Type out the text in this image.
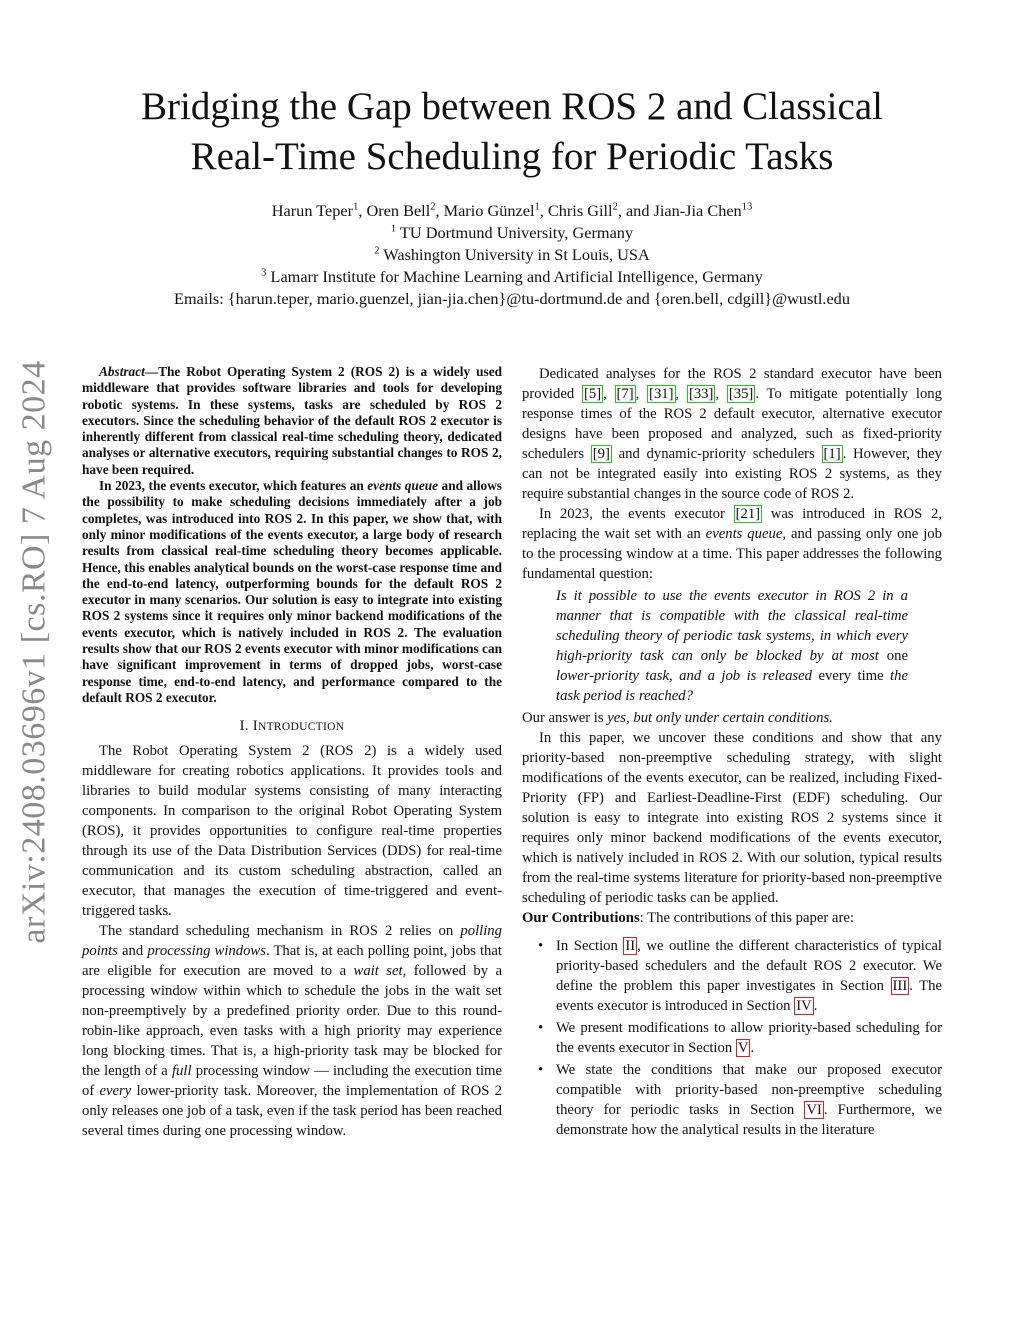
arXiv:2408.03696v1 [cs.RO] 7 Aug 2024
Bridging the Gap between ROS 2 and Classical
Real-Time Scheduling for Periodic Tasks
Harun Teper$^1$, Oren Bell$^2$, Mario Günzel$^1$, Chris Gill$^2$, and Jian-Jia Chen$^{13}$
$^1$ TU Dortmund University, Germany
$^2$ Washington University in St Louis, USA
$^3$ Lamarr Institute for Machine Learning and Artificial Intelligence, Germany
Emails: {harun.teper, mario.guenzel, jian-jia.chen}@tu-dortmund.de and {oren.bell, cdgill}@wustl.edu

Abstract—The Robot Operating System 2 (ROS 2) is a widely used middleware that provides software libraries and tools for developing robotic systems. In these systems, tasks are scheduled by ROS 2 executors. Since the scheduling behavior of the default ROS 2 executor is inherently different from classical real-time scheduling theory, dedicated analyses or alternative executors, requiring substantial changes to ROS 2, have been required.

In 2023, the events executor, which features an events queue and allows the possibility to make scheduling decisions immediately after a job completes, was introduced into ROS 2. In this paper, we show that, with only minor modifications of the events executor, a large body of research results from classical real-time scheduling theory becomes applicable. Hence, this enables analytical bounds on the worst-case response time and the end-to-end latency, outperforming bounds for the default ROS 2 executor in many scenarios. Our solution is easy to integrate into existing ROS 2 systems since it requires only minor backend modifications of the events executor, which is natively included in ROS 2. The evaluation results show that our ROS 2 events executor with minor modifications can have significant improvement in terms of dropped jobs, worst-case response time, end-to-end latency, and performance compared to the default ROS 2 executor.

I. INTRODUCTION

The Robot Operating System 2 (ROS 2) is a widely used middleware for creating robotics applications. It provides tools and libraries to build modular systems consisting of many interacting components. In comparison to the original Robot Operating System (ROS), it provides opportunities to configure real-time properties through its use of the Data Distribution Services (DDS) for real-time communication and its custom scheduling abstraction, called an executor, that manages the execution of time-triggered and event-triggered tasks.

The standard scheduling mechanism in ROS 2 relies on polling points and processing windows. That is, at each polling point, jobs that are eligible for execution are moved to a wait set, followed by a processing window within which to schedule the jobs in the wait set non-preemptively by a predefined priority order. Due to this round-robin-like approach, even tasks with a high priority may experience long blocking times. That is, a high-priority task may be blocked for the length of a full processing window — including the execution time of every lower-priority task. Moreover, the implementation of ROS 2 only releases one job of a task, even if the task period has been reached several times during one processing window.

Dedicated analyses for the ROS 2 standard executor have been provided [5] , [7] , [31] , [33] , [35] . To mitigate potentially long response times of the ROS 2 default executor, alternative executor designs have been proposed and analyzed, such as fixed-priority schedulers [9] and dynamic-priority schedulers [1] . However, they can not be integrated easily into existing ROS 2 systems, as they require substantial changes in the source code of ROS 2.

In 2023, the events executor [21] was introduced in ROS 2, replacing the wait set with an events queue, and passing only one job to the processing window at a time. This paper addresses the following fundamental question:

Is it possible to use the events executor in ROS 2 in a manner that is compatible with the classical real-time scheduling theory of periodic task systems, in which every high-priority task can only be blocked by at most one lower-priority task, and a job is released every time the task period is reached?

Our answer is yes, but only under certain conditions.

In this paper, we uncover these conditions and show that any priority-based non-preemptive scheduling strategy, with slight modifications of the events executor, can be realized, including Fixed-Priority (FP) and Earliest-Deadline-First (EDF) scheduling. Our solution is easy to integrate into existing ROS 2 systems since it requires only minor backend modifications of the events executor, which is natively included in ROS 2. With our solution, typical results from the real-time systems literature for priority-based non-preemptive scheduling of periodic tasks can be applied.

Our Contributions: The contributions of this paper are:

• In Section II , we outline the different characteristics of typical priority-based schedulers and the default ROS 2 executor. We define the problem this paper investigates in Section III . The events executor is introduced in Section IV .
• We present modifications to allow priority-based scheduling for the events executor in Section V .
• We state the conditions that make our proposed executor compatible with priority-based non-preemptive scheduling theory for periodic tasks in Section VI . Furthermore, we demonstrate how the analytical results in the literature
